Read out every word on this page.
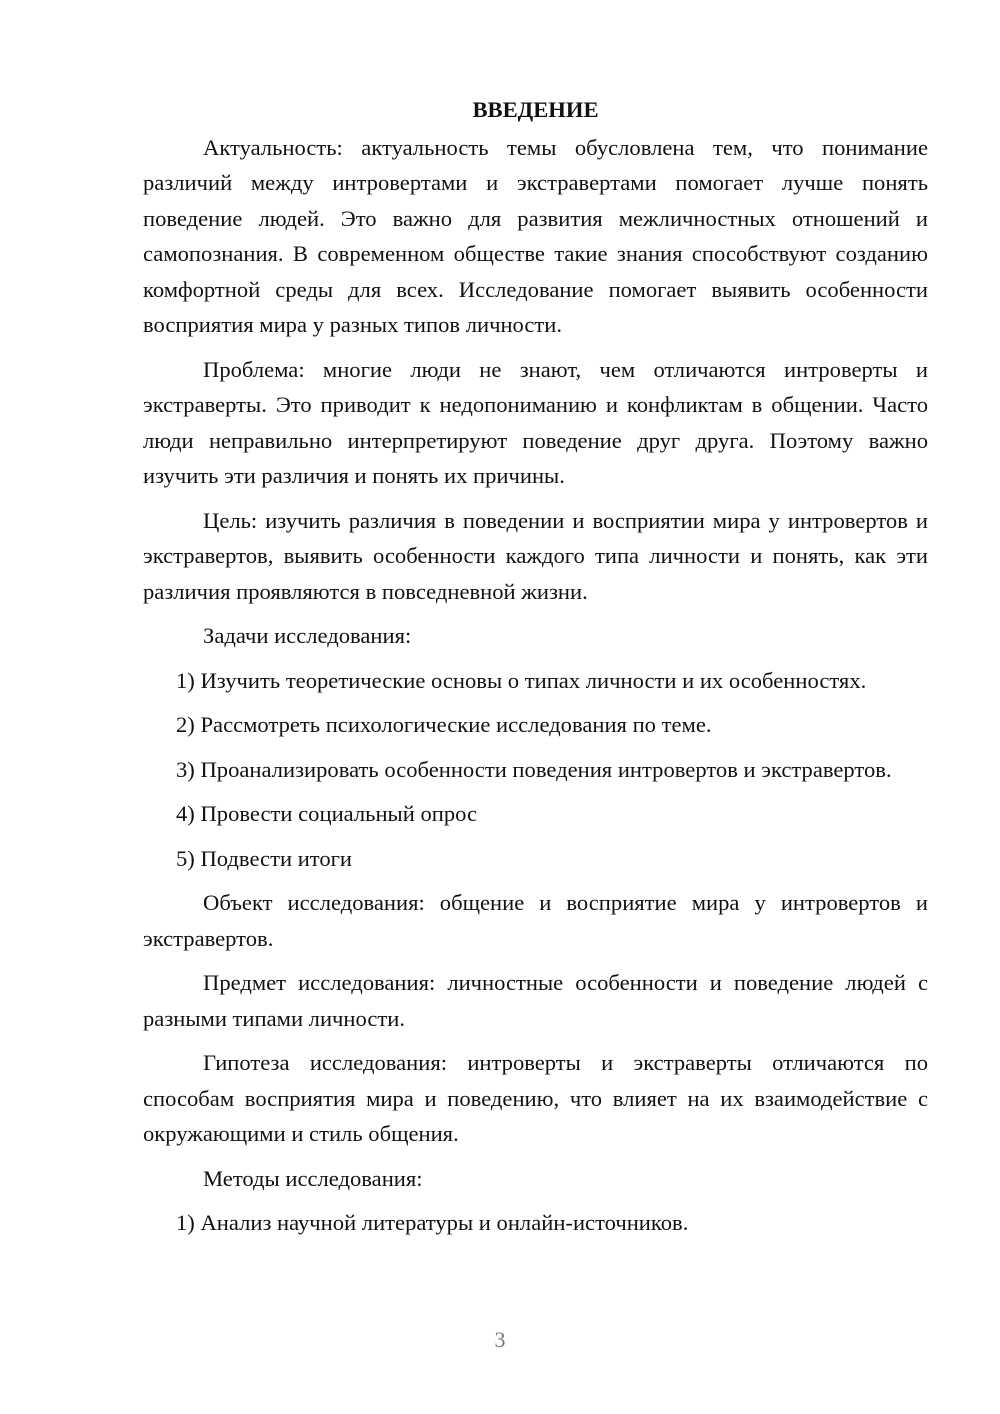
ВВЕДЕНИЕ

Актуальность: актуальность темы обусловлена тем, что понимание различий между интровертами и экстравертами помогает лучше понять поведение людей. Это важно для развития межличностных отношений и самопознания. В современном обществе такие знания способствуют созданию комфортной среды для всех. Исследование помогает выявить особенности восприятия мира у разных типов личности.

Проблема: многие люди не знают, чем отличаются интроверты и экстраверты. Это приводит к недопониманию и конфликтам в общении. Часто люди неправильно интерпретируют поведение друг друга. Поэтому важно изучить эти различия и понять их причины.

Цель: изучить различия в поведении и восприятии мира у интровертов и экстравертов, выявить особенности каждого типа личности и понять, как эти различия проявляются в повседневной жизни.

Задачи исследования:

1) Изучить теоретические основы о типах личности и их особенностях.

2) Рассмотреть психологические исследования по теме.

3) Проанализировать особенности поведения интровертов и экстравертов.

4) Провести социальный опрос

5) Подвести итоги

Объект исследования: общение и восприятие мира у интровертов и экстравертов.

Предмет исследования: личностные особенности и поведение людей с разными типами личности.

Гипотеза исследования: интроверты и экстраверты отличаются по способам восприятия мира и поведению, что влияет на их взаимодействие с окружающими и стиль общения.

Методы исследования:

1) Анализ научной литературы и онлайн-источников.

3
